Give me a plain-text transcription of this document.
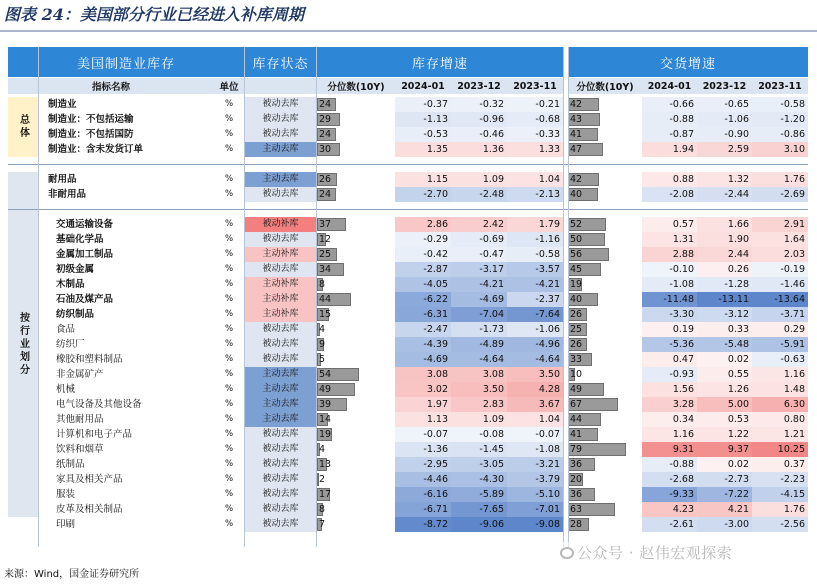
图表 24：美国部分行业已经进入补库周期
美国制造业库存	库存状态	库存增速	交货增速
指标名称	单位	分位数(10Y)	2024-01	2023-12	2023-11	分位数(10Y)	2024-01	2023-12	2023-11
总体
按行业划分
制造业	%	被动去库	24	-0.37	-0.32	-0.21	42	-0.66	-0.65	-0.58
制造业：不包括运输	%	被动去库	29	-1.13	-0.96	-0.68	43	-0.88	-1.06	-1.20
制造业：不包括国防	%	被动去库	24	-0.53	-0.46	-0.33	41	-0.87	-0.90	-0.86
制造业：含未发货订单	%	主动去库	30	1.35	1.36	1.33	47	1.94	2.59	3.10
耐用品	%	主动去库	26	1.15	1.09	1.04	42	0.88	1.32	1.76
非耐用品	%	被动去库	24	-2.70	-2.48	-2.13	40	-2.08	-2.44	-2.69
交通运输设备	%	被动补库	37	2.86	2.42	1.79	52	0.57	1.66	2.91
基础化学品	%	被动去库	12	-0.29	-0.69	-1.16	50	1.31	1.90	1.64
金属加工制品	%	主动补库	25	-0.42	-0.47	-0.58	56	2.88	2.44	2.03
初级金属	%	被动去库	34	-2.87	-3.17	-3.57	45	-0.10	0.26	-0.19
木制品	%	主动补库	8	-4.05	-4.21	-4.21	19	-1.08	-1.28	-1.46
石油及煤产品	%	主动补库	44	-6.22	-4.69	-2.37	40	-11.48	-13.11	-13.64
纺织制品	%	主动补库	15	-6.31	-7.04	-7.64	26	-3.30	-3.12	-3.71
食品	%	被动去库	4	-2.47	-1.73	-1.06	25	0.19	0.33	0.29
纺织厂	%	被动去库	9	-4.39	-4.89	-4.96	26	-5.36	-5.48	-5.91
橡胶和塑料制品	%	被动去库	5	-4.69	-4.64	-4.64	33	0.47	0.02	-0.63
非金属矿产	%	主动去库	54	3.08	3.08	3.50	10	-0.93	0.55	1.16
机械	%	主动去库	49	3.02	3.50	4.28	49	1.56	1.26	1.48
电气设备及其他设备	%	主动去库	39	1.97	2.83	3.67	67	3.28	5.00	6.30
其他耐用品	%	主动去库	14	1.13	1.09	1.04	44	0.34	0.53	0.80
计算机和电子产品	%	被动去库	19	-0.07	-0.08	-0.07	41	1.16	1.22	1.21
饮料和烟草	%	被动去库	4	-1.36	-1.45	-1.08	79	9.31	9.37	10.25
纸制品	%	被动去库	13	-2.95	-3.05	-3.21	36	-0.88	0.02	0.37
家具及相关产品	%	被动去库	2	-4.46	-4.30	-3.79	20	-2.68	-2.73	-2.23
服装	%	被动去库	17	-6.16	-5.89	-5.10	36	-9.33	-7.22	-4.15
皮革及相关制品	%	被动去库	8	-6.71	-7.65	-7.01	63	4.23	4.21	1.76
印刷	%	被动去库	7	-8.72	-9.06	-9.08	28	-2.61	-3.00	-2.56
公众号 · 赵伟宏观探索
来源：Wind，国金证券研究所
